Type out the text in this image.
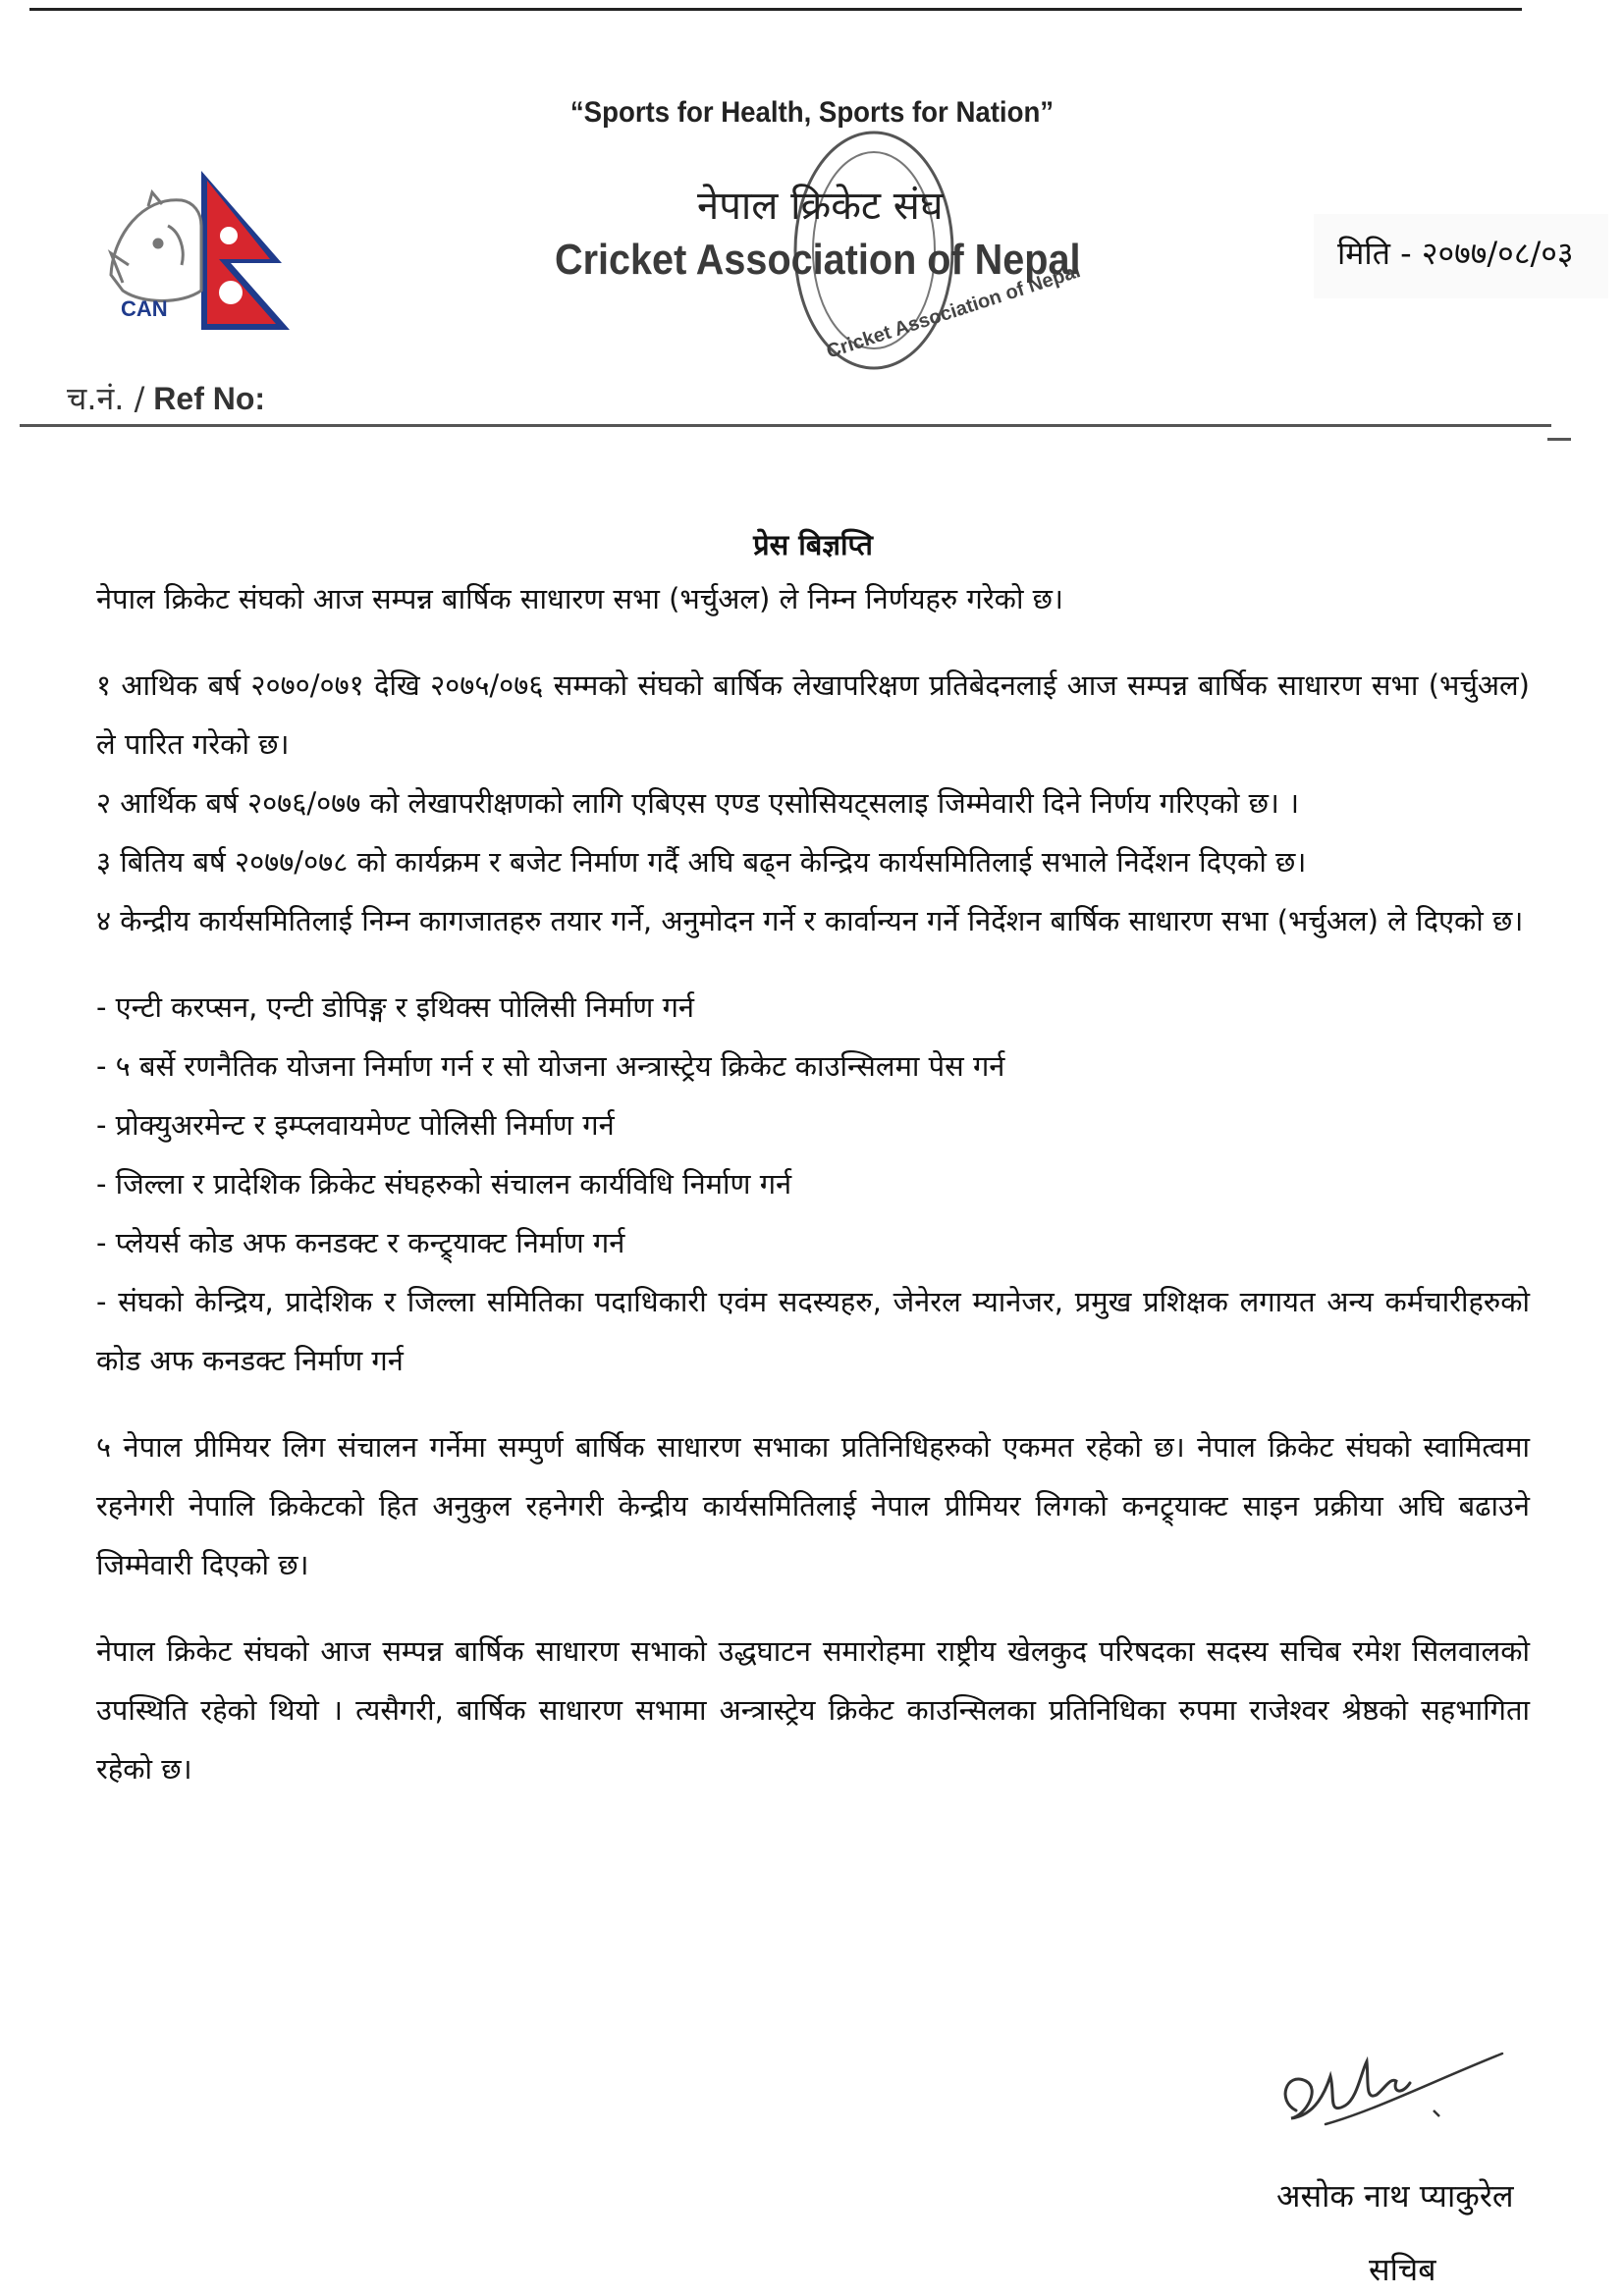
“Sports for Health, Sports for Nation”
CAN	Cricket Association of Nepal
नेपाल क्रिकेट संघ
Cricket Association of Nepal	मिति - २०७७/०८/०३
च.नं. / Ref No:
प्रेस बिज्ञप्ति

नेपाल क्रिकेट संघको आज सम्पन्न बार्षिक साधारण सभा (भर्चुअल) ले निम्न निर्णयहरु गरेको छ।

१ आथिक बर्ष २०७०/०७१ देखि २०७५/०७६ सम्मको संघको बार्षिक लेखापरिक्षण प्रतिबेदनलाई आज सम्पन्न बार्षिक साधारण सभा (भर्चुअल) ले पारित गरेको छ।

२ आर्थिक बर्ष २०७६/०७७ को लेखापरीक्षणको लागि एबिएस एण्ड एसोसियट्सलाइ जिम्मेवारी दिने निर्णय गरिएको छ। ।

३ बितिय बर्ष २०७७/०७८ को कार्यक्रम र बजेट निर्माण गर्दै अघि बढ्न केन्द्रिय कार्यसमितिलाई सभाले निर्देशन दिएको छ।

४ केन्द्रीय कार्यसमितिलाई निम्न कागजातहरु तयार गर्ने, अनुमोदन गर्ने र कार्वान्यन गर्ने निर्देशन बार्षिक साधारण सभा (भर्चुअल) ले दिएको छ।

- एन्टी करप्सन, एन्टी डोपिङ्ग र इथिक्स पोलिसी निर्माण गर्न

- ५ बर्से रणनैतिक योजना निर्माण गर्न र सो योजना अन्त्रास्ट्रेय क्रिकेट काउन्सिलमा पेस गर्न

- प्रोक्युअरमेन्ट र इम्प्लवायमेण्ट पोलिसी निर्माण गर्न

- जिल्ला र प्रादेशिक क्रिकेट संघहरुको संचालन कार्यविधि निर्माण गर्न

- प्लेयर्स कोड अफ कनडक्ट र कन्ट्र्याक्ट निर्माण गर्न

- संघको केन्द्रिय, प्रादेशिक र जिल्ला समितिका पदाधिकारी एवंम सदस्यहरु, जेनेरल म्यानेजर, प्रमुख प्रशिक्षक लगायत अन्य कर्मचारीहरुको कोड अफ कनडक्ट निर्माण गर्न

५ नेपाल प्रीमियर लिग संचालन गर्नेमा सम्पुर्ण बार्षिक साधारण सभाका प्रतिनिधिहरुको एकमत रहेको छ। नेपाल क्रिकेट संघको स्वामित्वमा रहनेगरी नेपालि क्रिकेटको हित अनुकुल रहनेगरी केन्द्रीय कार्यसमितिलाई नेपाल प्रीमियर लिगको कनट्र्याक्ट साइन प्रक्रीया अघि बढाउने जिम्मेवारी दिएको छ।

नेपाल क्रिकेट संघको आज सम्पन्न बार्षिक साधारण सभाको उद्धघाटन समारोहमा राष्ट्रीय खेलकुद परिषदका सदस्य सचिब रमेश सिलवालको उपस्थिति रहेको थियो । त्यसैगरी, बार्षिक साधारण सभामा अन्त्रास्ट्रेय क्रिकेट काउन्सिलका प्रतिनिधिका रुपमा राजेश्वर श्रेष्ठको सहभागिता रहेको छ।

असोक नाथ प्याकुरेल
सचिब
